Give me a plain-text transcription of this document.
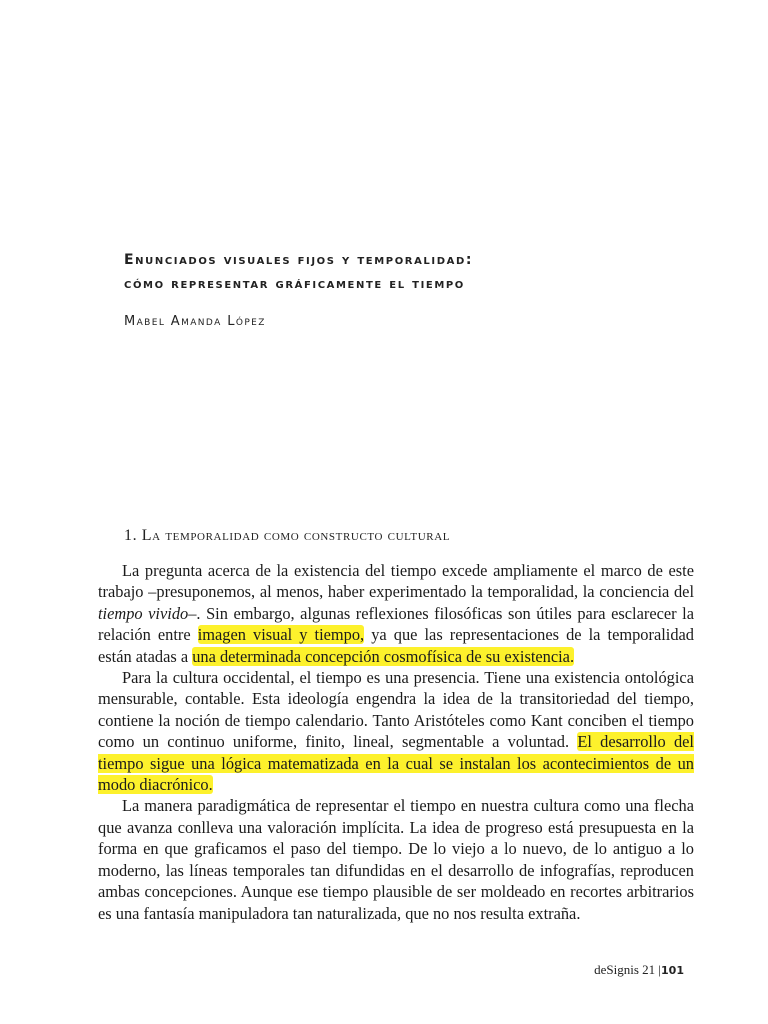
Enunciados visuales fijos y temporalidad:
cómo representar gráficamente el tiempo
Mabel Amanda López
1. La temporalidad como constructo cultural

La pregunta acerca de la existencia del tiempo excede ampliamente el marco de este trabajo –presuponemos, al menos, haber experimentado la temporalidad, la conciencia del tiempo vivido–. Sin embargo, algunas reflexiones filosóficas son útiles para esclarecer la relación entre imagen visual y tiempo, ya que las representaciones de la temporalidad están atadas a una determinada concepción cosmofísica de su existencia.

Para la cultura occidental, el tiempo es una presencia. Tiene una existencia ontológica mensurable, contable. Esta ideología engendra la idea de la transitoriedad del tiempo, contiene la noción de tiempo calendario. Tanto Aristóteles como Kant conciben el tiempo como un continuo uniforme, finito, lineal, segmentable a voluntad. El desarrollo del tiempo sigue una lógica matematizada en la cual se instalan los acontecimientos de un modo diacrónico.

La manera paradigmática de representar el tiempo en nuestra cultura como una flecha que avanza conlleva una valoración implícita. La idea de progreso está presupuesta en la forma en que graficamos el paso del tiempo. De lo viejo a lo nuevo, de lo antiguo a lo moderno, las líneas temporales tan difundidas en el desarrollo de infografías, reproducen ambas concepciones. Aunque ese tiempo plausible de ser moldeado en recortes arbitrarios es una fantasía manipuladora tan naturalizada, que no nos resulta extraña.

deSignis 21 |101
